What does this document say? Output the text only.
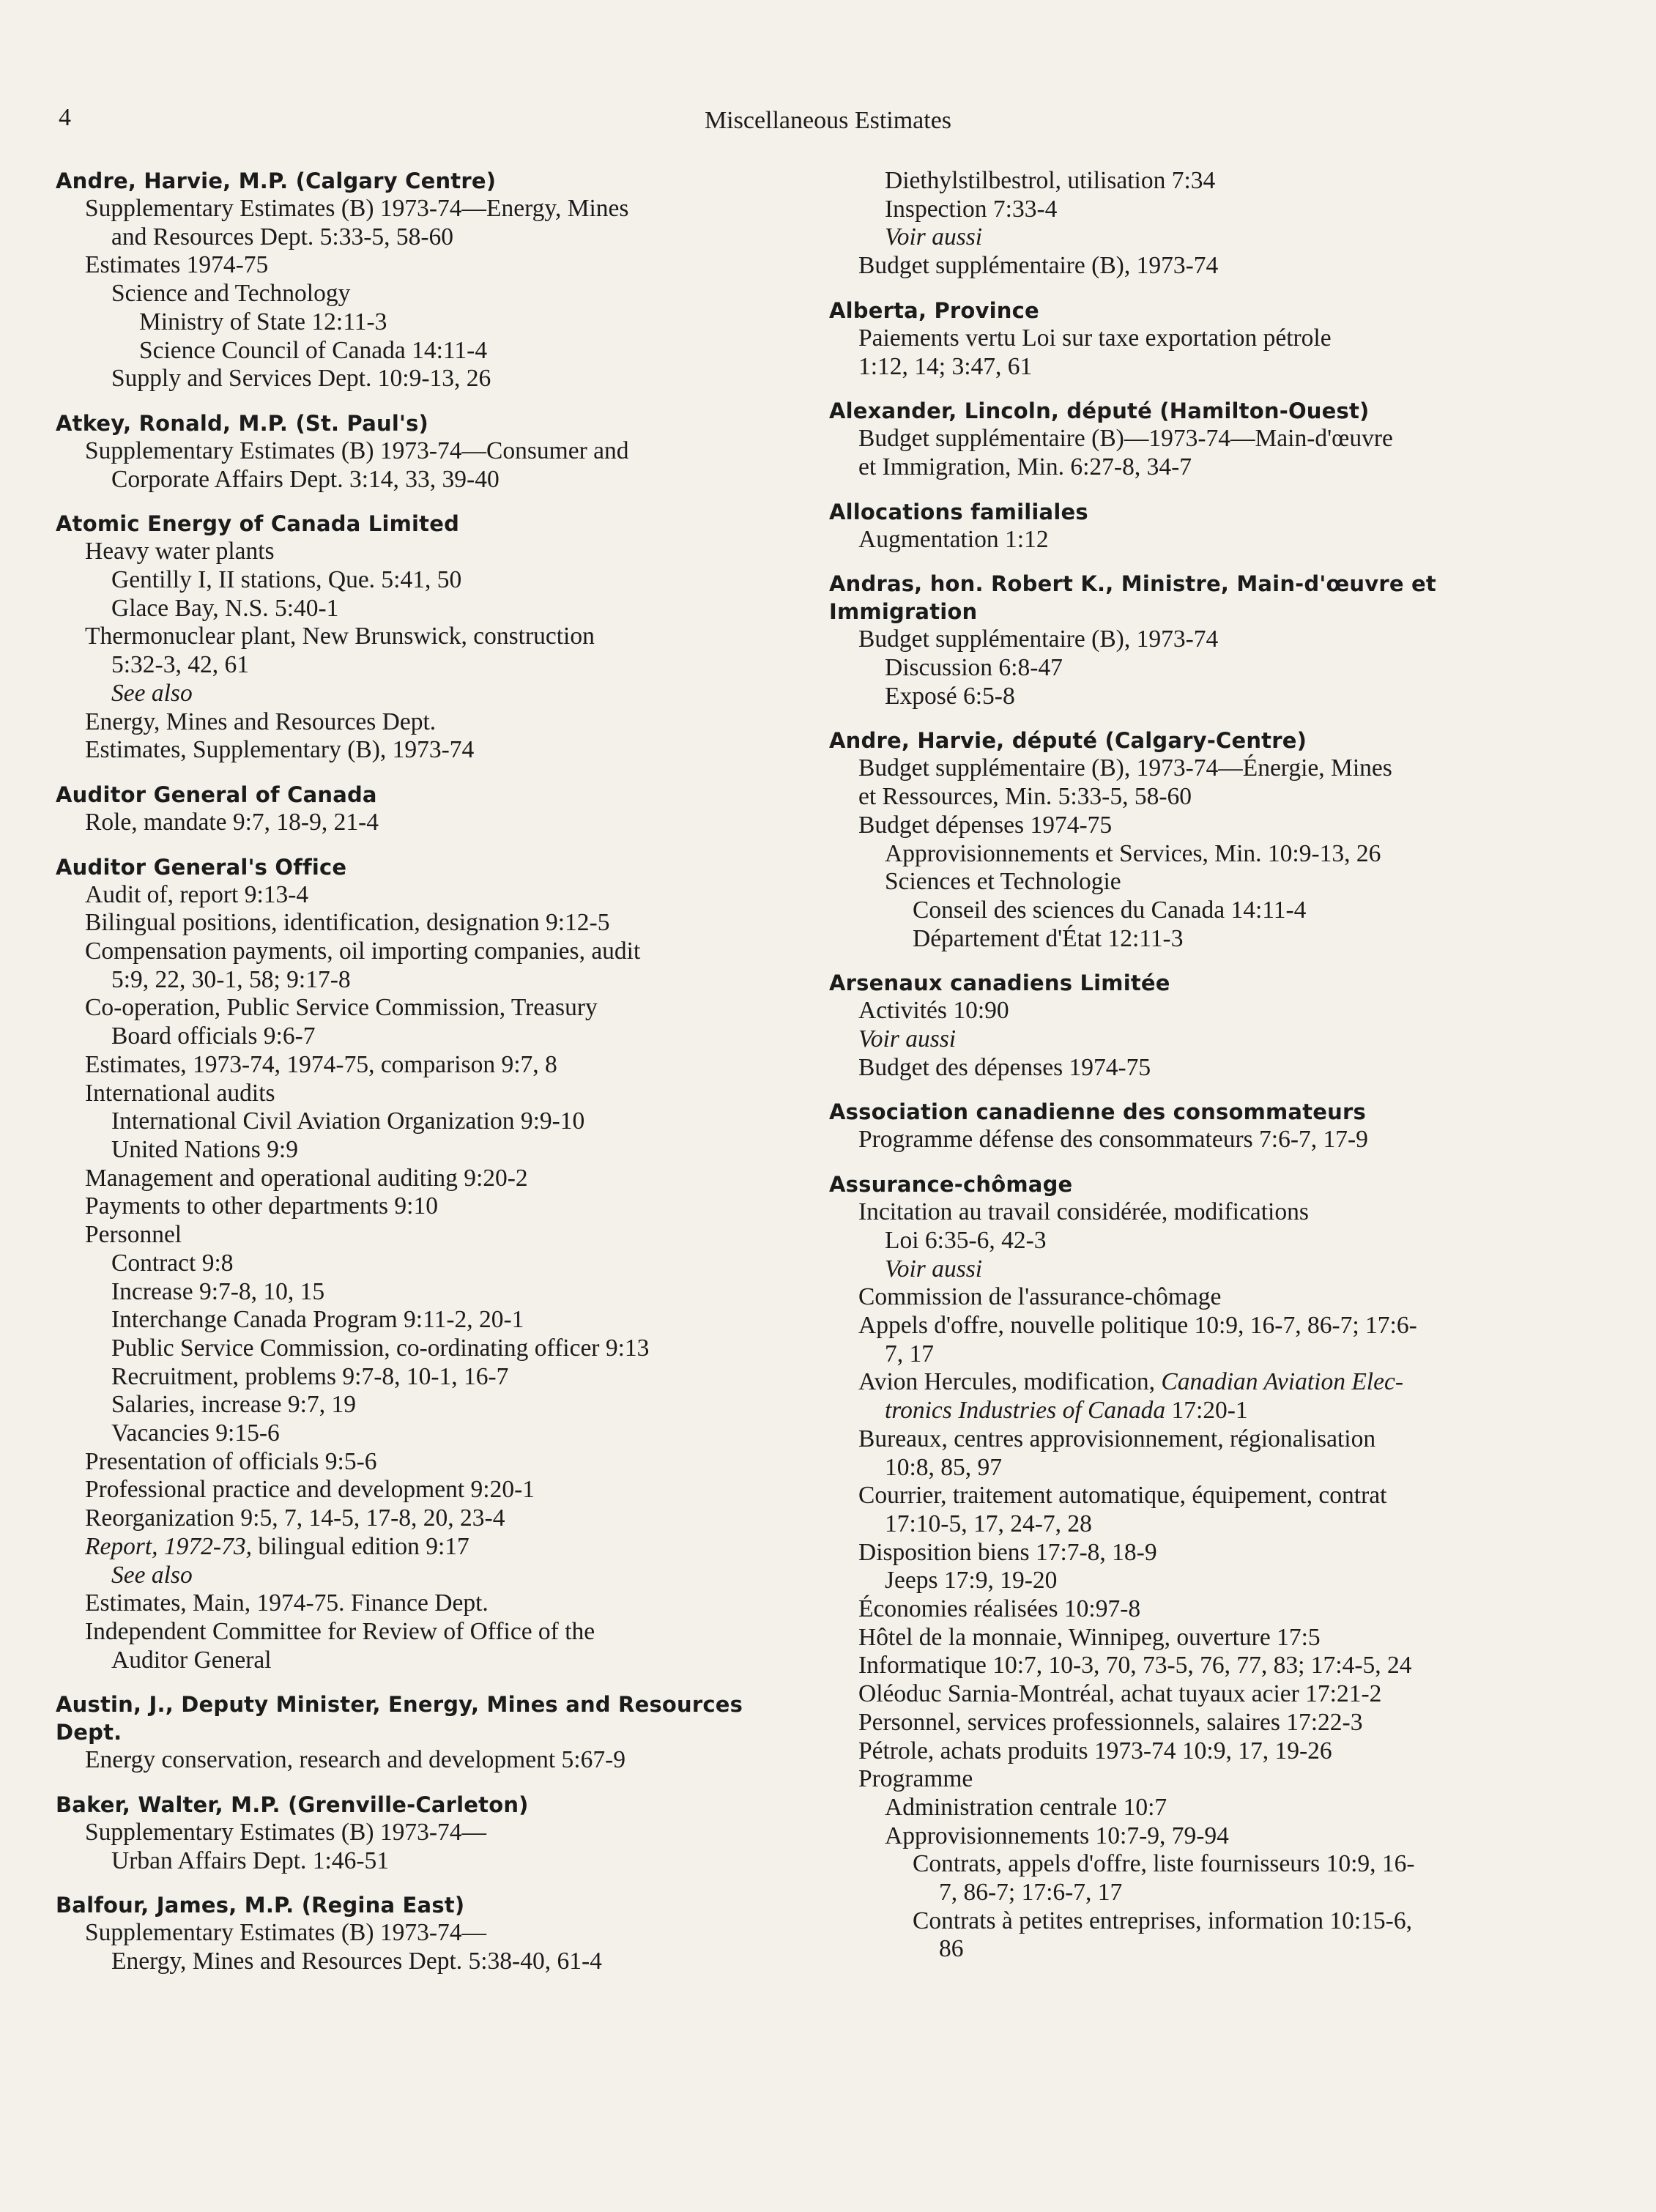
4	Miscellaneous Estimates
Andre, Harvie, M.P. (Calgary Centre)
Supplementary Estimates (B) 1973-74—Energy, Mines
and Resources Dept. 5:33-5, 58-60
Estimates 1974-75
Science and Technology
Ministry of State 12:11-3
Science Council of Canada 14:11-4
Supply and Services Dept. 10:9-13, 26
Atkey, Ronald, M.P. (St. Paul's)
Supplementary Estimates (B) 1973-74—Consumer and
Corporate Affairs Dept. 3:14, 33, 39-40
Atomic Energy of Canada Limited
Heavy water plants
Gentilly I, II stations, Que. 5:41, 50
Glace Bay, N.S. 5:40-1
Thermonuclear plant, New Brunswick, construction
5:32-3, 42, 61
See also
Energy, Mines and Resources Dept.
Estimates, Supplementary (B), 1973-74
Auditor General of Canada
Role, mandate 9:7, 18-9, 21-4
Auditor General's Office
Audit of, report 9:13-4
Bilingual positions, identification, designation 9:12-5
Compensation payments, oil importing companies, audit
5:9, 22, 30-1, 58; 9:17-8
Co-operation, Public Service Commission, Treasury
Board officials 9:6-7
Estimates, 1973-74, 1974-75, comparison 9:7, 8
International audits
International Civil Aviation Organization 9:9-10
United Nations 9:9
Management and operational auditing 9:20-2
Payments to other departments 9:10
Personnel
Contract 9:8
Increase 9:7-8, 10, 15
Interchange Canada Program 9:11-2, 20-1
Public Service Commission, co-ordinating officer 9:13
Recruitment, problems 9:7-8, 10-1, 16-7
Salaries, increase 9:7, 19
Vacancies 9:15-6
Presentation of officials 9:5-6
Professional practice and development 9:20-1
Reorganization 9:5, 7, 14-5, 17-8, 20, 23-4
Report, 1972-73, bilingual edition 9:17
See also
Estimates, Main, 1974-75. Finance Dept.
Independent Committee for Review of Office of the
Auditor General
Austin, J., Deputy Minister, Energy, Mines and Resources Dept.
Energy conservation, research and development 5:67-9
Baker, Walter, M.P. (Grenville-Carleton)
Supplementary Estimates (B) 1973-74—
Urban Affairs Dept. 1:46-51
Balfour, James, M.P. (Regina East)
Supplementary Estimates (B) 1973-74—
Energy, Mines and Resources Dept. 5:38-40, 61-4
Diethylstilbestrol, utilisation 7:34
Inspection 7:33-4
Voir aussi
Budget supplémentaire (B), 1973-74
Alberta, Province
Paiements vertu Loi sur taxe exportation pétrole
1:12, 14; 3:47, 61
Alexander, Lincoln, député (Hamilton-Ouest)
Budget supplémentaire (B)—1973-74—Main-d'œuvre
et Immigration, Min. 6:27-8, 34-7
Allocations familiales
Augmentation 1:12
Andras, hon. Robert K., Ministre, Main-d'œuvre et Immigration
Budget supplémentaire (B), 1973-74
Discussion 6:8-47
Exposé 6:5-8
Andre, Harvie, député (Calgary-Centre)
Budget supplémentaire (B), 1973-74—Énergie, Mines
et Ressources, Min. 5:33-5, 58-60
Budget dépenses 1974-75
Approvisionnements et Services, Min. 10:9-13, 26
Sciences et Technologie
Conseil des sciences du Canada 14:11-4
Département d'État 12:11-3
Arsenaux canadiens Limitée
Activités 10:90
Voir aussi
Budget des dépenses 1974-75
Association canadienne des consommateurs
Programme défense des consommateurs 7:6-7, 17-9
Assurance-chômage
Incitation au travail considérée, modifications
Loi 6:35-6, 42-3
Voir aussi
Commission de l'assurance-chômage
Appels d'offre, nouvelle politique 10:9, 16-7, 86-7; 17:6-
7, 17
Avion Hercules, modification, Canadian Aviation Elec-
tronics Industries of Canada 17:20-1
Bureaux, centres approvisionnement, régionalisation
10:8, 85, 97
Courrier, traitement automatique, équipement, contrat
17:10-5, 17, 24-7, 28
Disposition biens 17:7-8, 18-9
Jeeps 17:9, 19-20
Économies réalisées 10:97-8
Hôtel de la monnaie, Winnipeg, ouverture 17:5
Informatique 10:7, 10-3, 70, 73-5, 76, 77, 83; 17:4-5, 24
Oléoduc Sarnia-Montréal, achat tuyaux acier 17:21-2
Personnel, services professionnels, salaires 17:22-3
Pétrole, achats produits 1973-74 10:9, 17, 19-26
Programme
Administration centrale 10:7
Approvisionnements 10:7-9, 79-94
Contrats, appels d'offre, liste fournisseurs 10:9, 16-
7, 86-7; 17:6-7, 17
Contrats à petites entreprises, information 10:15-6,
86
